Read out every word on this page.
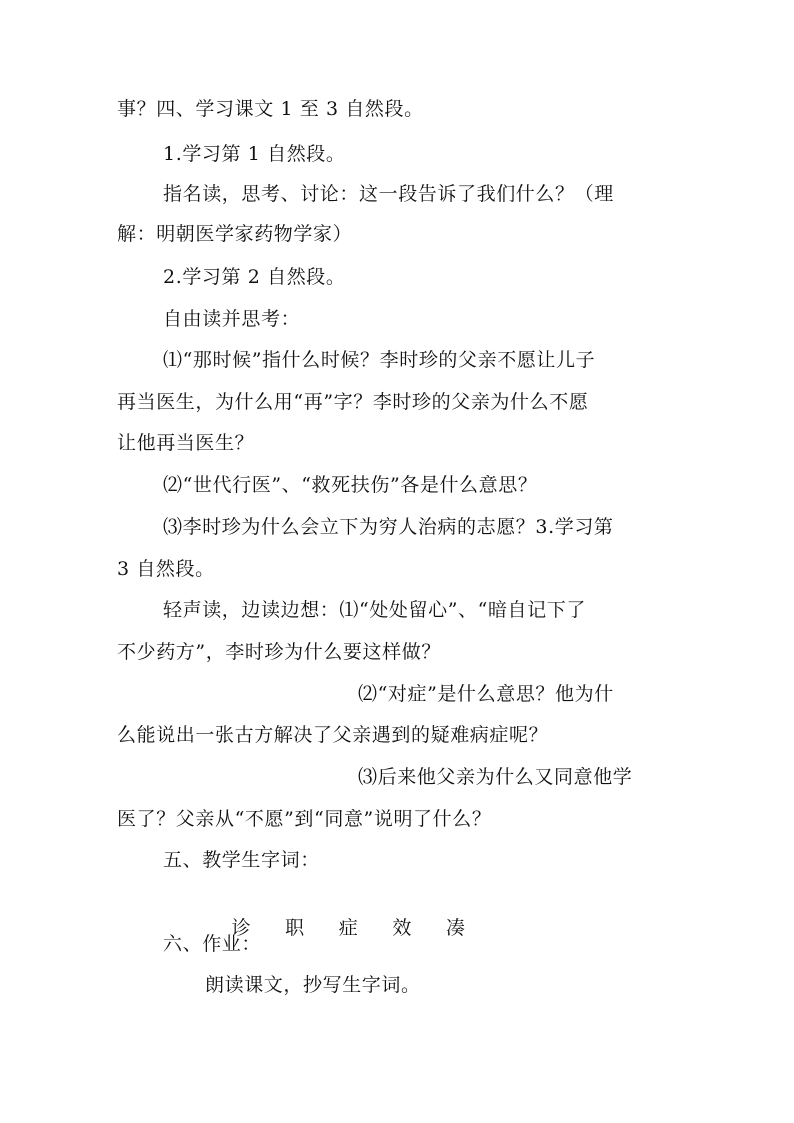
事？四、学习课文 1 至 3 自然段。
1.学习第 1 自然段。
指名读，思考、讨论：这一段告诉了我们什么？（理
解：明朝医学家药物学家）
2.学习第 2 自然段。
自由读并思考：
⑴“那时候”指什么时候？李时珍的父亲不愿让儿子
再当医生，为什么用“再”字？李时珍的父亲为什么不愿
让他再当医生？
⑵“世代行医”、“救死扶伤”各是什么意思？
⑶李时珍为什么会立下为穷人治病的志愿？3.学习第
3 自然段。
轻声读，边读边想：⑴“处处留心”、“暗自记下了
不少药方”，李时珍为什么要这样做？
⑵“对症”是什么意思？他为什
么能说出一张古方解决了父亲遇到的疑难病症呢？
⑶后来他父亲为什么又同意他学
医了？父亲从“不愿”到“同意”说明了什么？
五、教学生字词：

诊 职 症 效 凑

六、作业：
朗读课文，抄写生字词。
